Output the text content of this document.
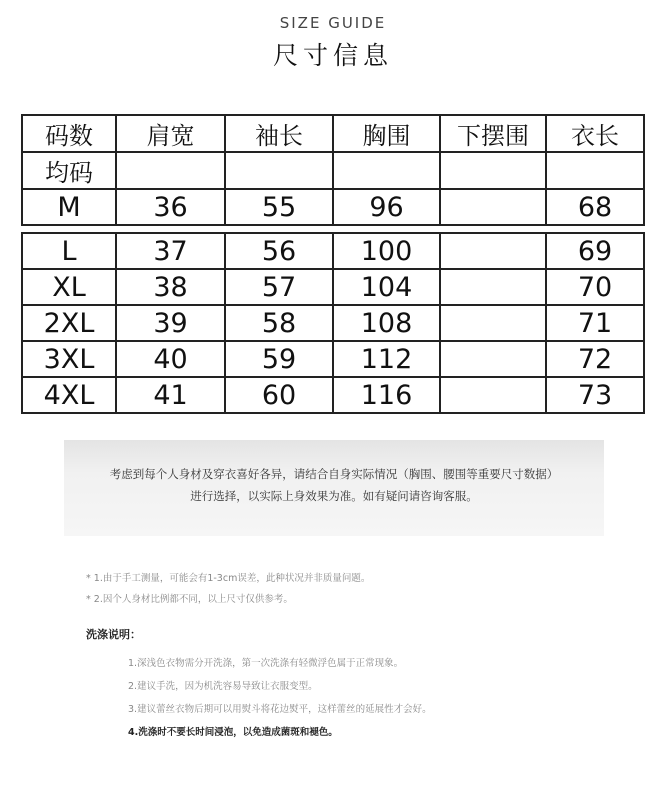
SIZE GUIDE
尺寸信息
码数	肩宽	袖长	胸围	下摆围	衣长
均码					
M	36	55	96		68

L	37	56	100		69
XL	38	57	104		70
2XL	39	58	108		71
3XL	40	59	112		72
4XL	41	60	116		73
考虑到每个人身材及穿衣喜好各异，请结合自身实际情况（胸围、腰围等重要尺寸数据）
进行选择，以实际上身效果为准。如有疑问请咨询客服。
* 1.由于手工测量，可能会有1-3cm误差，此种状况并非质量问题。
* 2.因个人身材比例都不同，以上尺寸仅供参考。
洗涤说明：
1.深浅色衣物需分开洗涤，第一次洗涤有轻微浮色属于正常现象。
2.建议手洗，因为机洗容易导致让衣服变型。
3.建议蕾丝衣物后期可以用熨斗将花边熨平，这样蕾丝的延展性才会好。
4.洗涤时不要长时间浸泡，以免造成菌斑和褪色。
